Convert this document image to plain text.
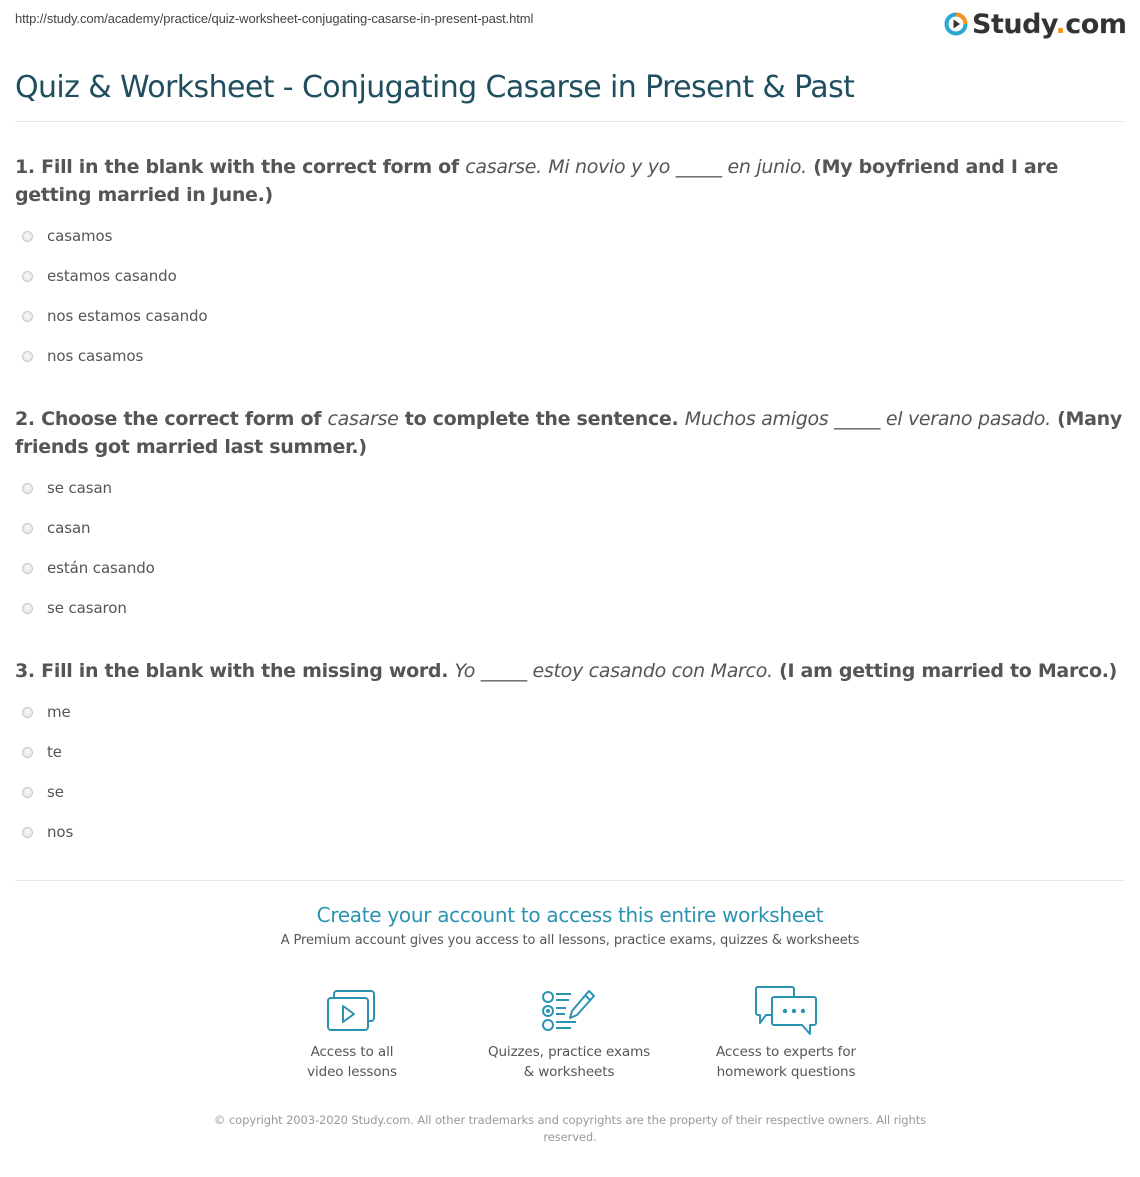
http://study.com/academy/practice/quiz-worksheet-conjugating-casarse-in-present-past.html	Study.com
Quiz & Worksheet - Conjugating Casarse in Present & Past
1. Fill in the blank with the correct form of casarse. Mi novio y yo _____ en junio. (My boyfriend and I are getting married in June.)
casamos
estamos casando
nos estamos casando
nos casamos
2. Choose the correct form of casarse to complete the sentence. Muchos amigos _____ el verano pasado. (Many friends got married last summer.)
se casan
casan
están casando
se casaron
3. Fill in the blank with the missing word. Yo _____ estoy casando con Marco. (I am getting married to Marco.)
me
te
se
nos
Create your account to access this entire worksheet
A Premium account gives you access to all lessons, practice exams, quizzes & worksheets
Access to all
video lessons
Quizzes, practice exams
& worksheets
Access to experts for
homework questions
© copyright 2003-2020 Study.com. All other trademarks and copyrights are the property of their respective owners. All rights reserved.
